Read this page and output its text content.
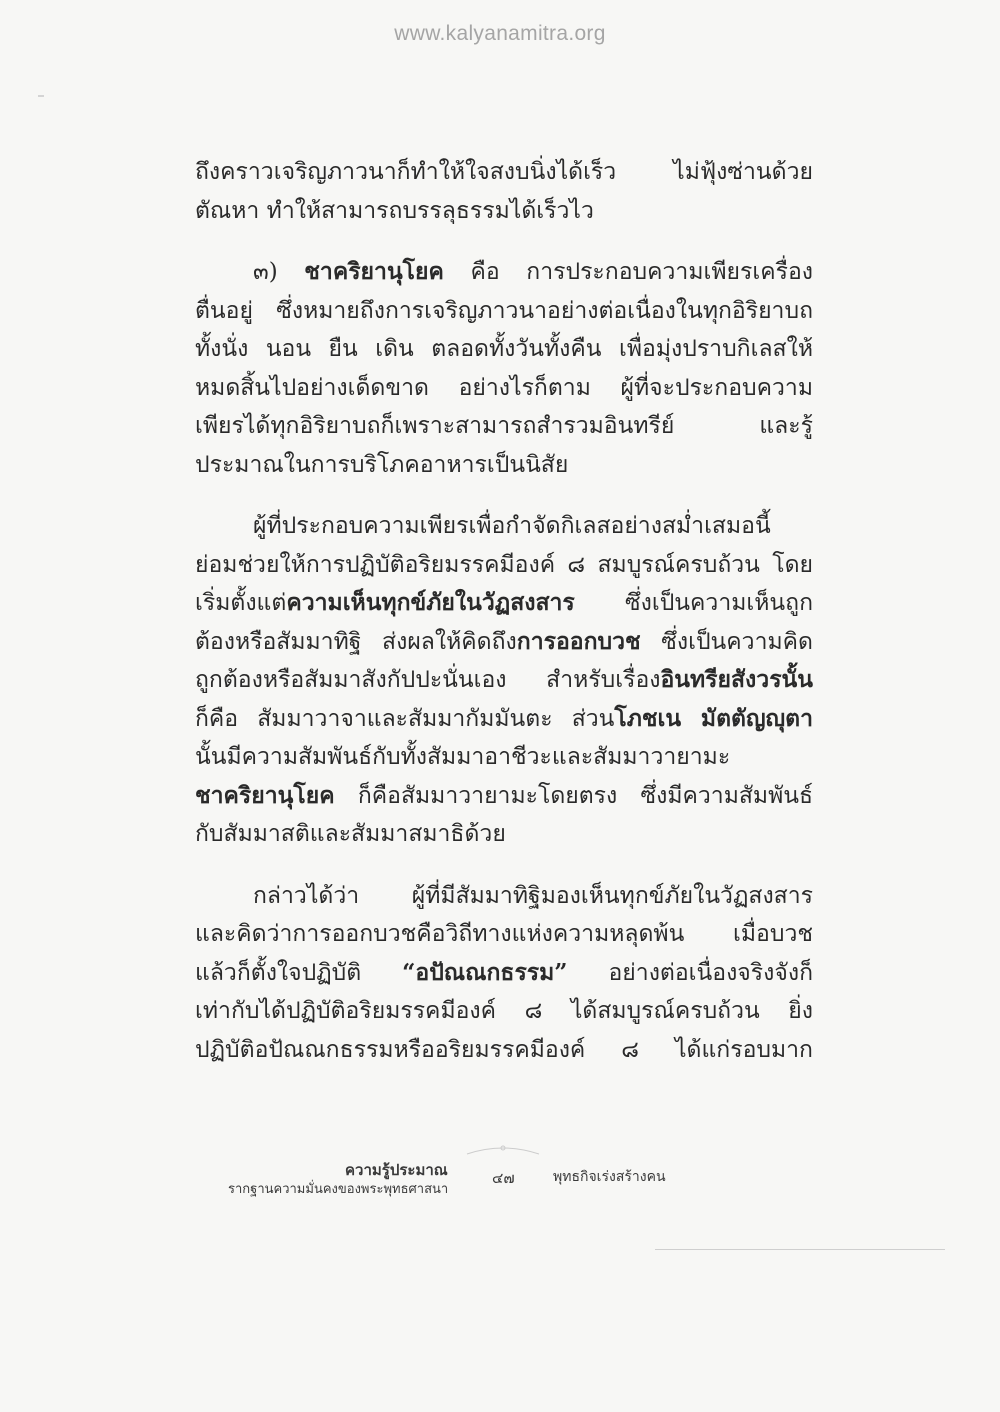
www.kalyanamitra.org
ถึงคราวเจริญภาวนาก็ทำให้ใจสงบนิ่งได้เร็ว ไม่ฟุ้งซ่านด้วย
ตัณหา ทำให้สามารถบรรลุธรรมได้เร็วไว
๓) ชาคริยานุโยค คือ การประกอบความเพียรเครื่อง
ตื่นอยู่ ซึ่งหมายถึงการเจริญภาวนาอย่างต่อเนื่องในทุกอิริยาบถ
ทั้งนั่ง นอน ยืน เดิน ตลอดทั้งวันทั้งคืน เพื่อมุ่งปราบกิเลสให้
หมดสิ้นไปอย่างเด็ดขาด อย่างไรก็ตาม ผู้ที่จะประกอบความ
เพียรได้ทุกอิริยาบถก็เพราะสามารถสำรวมอินทรีย์ และรู้
ประมาณในการบริโภคอาหารเป็นนิสัย
ผู้ที่ประกอบความเพียรเพื่อกำจัดกิเลสอย่างสม่ำเสมอนี้
ย่อมช่วยให้การปฏิบัติอริยมรรคมีองค์ ๘ สมบูรณ์ครบถ้วน โดย
เริ่มตั้งแต่ความเห็นทุกข์ภัยในวัฏสงสาร ซึ่งเป็นความเห็นถูก
ต้องหรือสัมมาทิฐิ ส่งผลให้คิดถึงการออกบวช ซึ่งเป็นความคิด
ถูกต้องหรือสัมมาสังกัปปะนั่นเอง สำหรับเรื่องอินทรียสังวรนั้น
ก็คือ สัมมาวาจาและสัมมากัมมันตะ ส่วนโภชเน มัตตัญญุตา
นั้นมีความสัมพันธ์กับทั้งสัมมาอาชีวะและสัมมาวายามะ
ชาคริยานุโยค ก็คือสัมมาวายามะโดยตรง ซึ่งมีความสัมพันธ์
กับสัมมาสติและสัมมาสมาธิด้วย
กล่าวได้ว่า ผู้ที่มีสัมมาทิฐิมองเห็นทุกข์ภัยในวัฏสงสาร
และคิดว่าการออกบวชคือวิถีทางแห่งความหลุดพ้น เมื่อบวช
แล้วก็ตั้งใจปฏิบัติ “อปัณณกธรรม” อย่างต่อเนื่องจริงจังก็
เท่ากับได้ปฏิบัติอริยมรรคมีองค์ ๘ ได้สมบูรณ์ครบถ้วน ยิ่ง
ปฏิบัติอปัณณกธรรมหรืออริยมรรคมีองค์ ๘ ได้แก่รอบมาก
ความรู้ประมาณ
รากฐานความมั่นคงของพระพุทธศาสนา
๔๗	พุทธกิจเร่งสร้างคน
